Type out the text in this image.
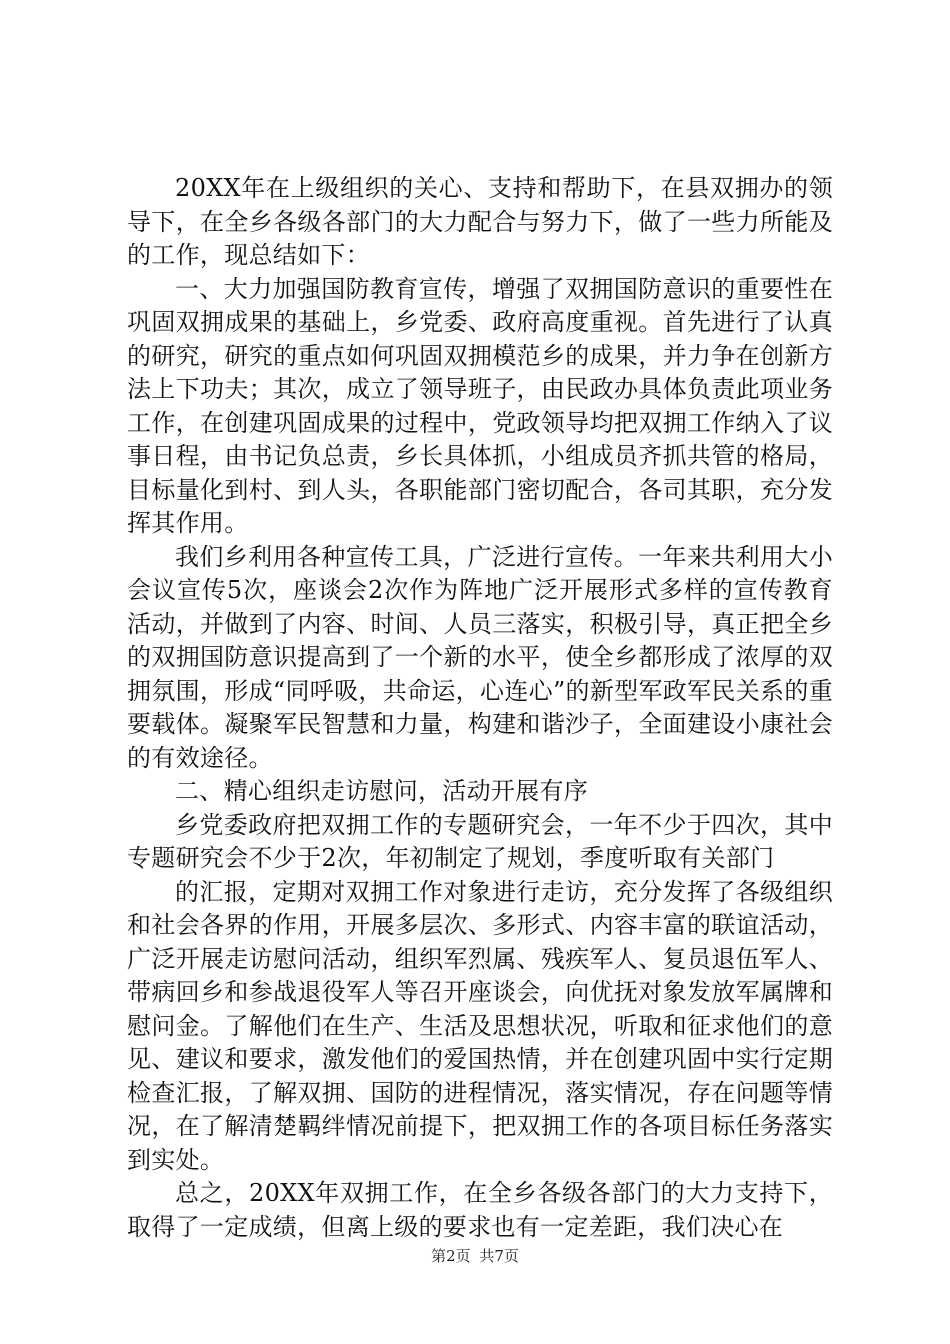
20XX年在上级组织的关心、支持和帮助下，在县双拥办的领导下，在全乡各级各部门的大力配合与努力下，做了一些力所能及的工作，现总结如下：

一、大力加强国防教育宣传，增强了双拥国防意识的重要性在巩固双拥成果的基础上，乡党委、政府高度重视。首先进行了认真的研究，研究的重点如何巩固双拥模范乡的成果，并力争在创新方法上下功夫；其次，成立了领导班子，由民政办具体负责此项业务工作，在创建巩固成果的过程中，党政领导均把双拥工作纳入了议事日程，由书记负总责，乡长具体抓，小组成员齐抓共管的格局，目标量化到村、到人头，各职能部门密切配合，各司其职，充分发挥其作用。

我们乡利用各种宣传工具，广泛进行宣传。一年来共利用大小会议宣传5次，座谈会2次作为阵地广泛开展形式多样的宣传教育活动，并做到了内容、时间、人员三落实，积极引导，真正把全乡的双拥国防意识提高到了一个新的水平，使全乡都形成了浓厚的双拥氛围，形成“同呼吸，共命运，心连心”的新型军政军民关系的重要载体。凝聚军民智慧和力量，构建和谐沙子，全面建设小康社会的有效途径。

二、精心组织走访慰问，活动开展有序

乡党委政府把双拥工作的专题研究会，一年不少于四次，其中专题研究会不少于2次，年初制定了规划，季度听取有关部门

的汇报，定期对双拥工作对象进行走访，充分发挥了各级组织和社会各界的作用，开展多层次、多形式、内容丰富的联谊活动，广泛开展走访慰问活动，组织军烈属、残疾军人、复员退伍军人、带病回乡和参战退役军人等召开座谈会，向优抚对象发放军属牌和慰问金。了解他们在生产、生活及思想状况，听取和征求他们的意见、建议和要求，激发他们的爱国热情，并在创建巩固中实行定期检查汇报，了解双拥、国防的进程情况，落实情况，存在问题等情况，在了解清楚羁绊情况前提下，把双拥工作的各项目标任务落实到实处。

总之，20XX年双拥工作，在全乡各级各部门的大力支持下，取得了一定成绩，但离上级的要求也有一定差距，我们决心在

第2页 共7页
